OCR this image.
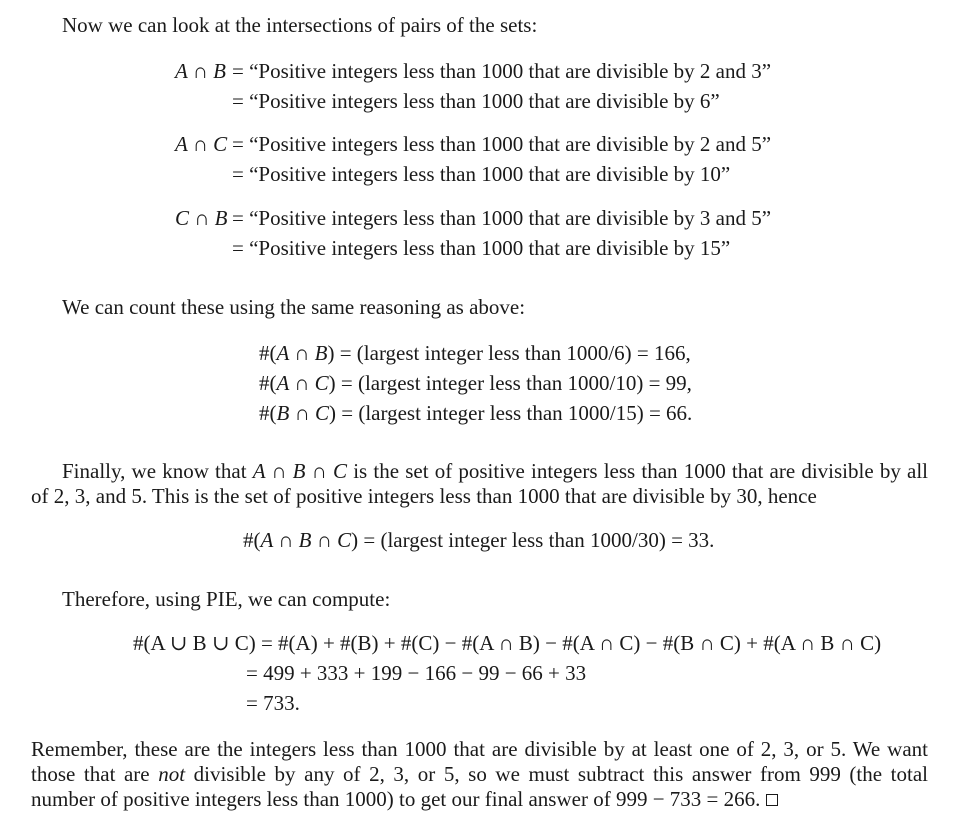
Now we can look at the intersections of pairs of the sets:
A ∩ B = “Positive integers less than 1000 that are divisible by 2 and 3”
= “Positive integers less than 1000 that are divisible by 6”
A ∩ C = “Positive integers less than 1000 that are divisible by 2 and 5”
= “Positive integers less than 1000 that are divisible by 10”
C ∩ B = “Positive integers less than 1000 that are divisible by 3 and 5”
= “Positive integers less than 1000 that are divisible by 15”
We can count these using the same reasoning as above:
#(A ∩ B) = (largest integer less than 1000/6) = 166,
#(A ∩ C) = (largest integer less than 1000/10) = 99,
#(B ∩ C) = (largest integer less than 1000/15) = 66.
Finally, we know that A ∩ B ∩ C is the set of positive integers less than 1000 that are divisible by all
of 2, 3, and 5. This is the set of positive integers less than 1000 that are divisible by 30, hence
#(A ∩ B ∩ C) = (largest integer less than 1000/30) = 33.
Therefore, using PIE, we can compute:
#(A ∪ B ∪ C) = #(A) + #(B) + #(C) − #(A ∩ B) − #(A ∩ C) − #(B ∩ C) + #(A ∩ B ∩ C)
= 499 + 333 + 199 − 166 − 99 − 66 + 33
= 733.
Remember, these are the integers less than 1000 that are divisible by at least one of 2, 3, or 5. We want
those that are not divisible by any of 2, 3, or 5, so we must subtract this answer from 999 (the total
number of positive integers less than 1000) to get our final answer of 999 − 733 = 266.
